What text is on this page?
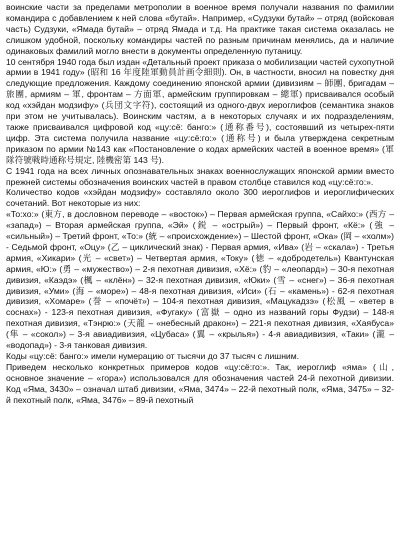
воинские части за пределами метрополии в военное время получали названия по фамилии командира с добавлением к ней слова «бутай». Например, «Судзуки бутай» – отряд (войсковая часть) Судзуки, «Ямада бутай» – отряд Ямада и т.д. На практике такая система оказалась не слишком удобной, поскольку командиры частей по разным причинам менялись, да и наличие одинаковых фамилий могло внести в документы определенную путаницу.

10 сентября 1940 года был издан «Детальный проект приказа о мобилизации частей сухопутной армии в 1941 году» (昭和 16 年度陸軍動員計画令細則). Он, в частности, вносил на повестку дня следующие предложения. Каждому соединению японской армии (дивизиям – 師團, бригадам – 旅團, армиям – 軍, фронтам – 方面軍, армейским группировкам – 總軍) присваивался особый код «хэйдан модзифу» (兵団文字符), состоящий из одного-двух иероглифов (семантика знаков при этом не учитывалась). Воинским частям, а в некоторых случаях и их подразделениям, также присваивался цифровой код «цу:сё: банго:» (通称番号), состоявший из четырех-пяти цифр. Эта система получила название «цу:сё:го:» (通称号) и была утверждена секретным приказом по армии №143 как «Постановление о кодах армейских частей в военное время» (軍隊符號戦時通称号規定, 陸機密第 143 号).

С 1941 года на всех личных опознавательных знаках военнослужащих японской армии вместо прежней системы обозначения воинских частей в правом столбце ставился код «цу:сё:го:».

Количество кодов «хэйдан модзифу» составляло около 300 иероглифов и иероглифических сочетаний. Вот некоторые из них:

«То:хо:» (東方, в дословном переводе – «восток») – Первая армейская группа, «Сайхо:» (西方 – «запад») – Вторая армейская группа, «Эй» (鋭 – «острый») – Первый фронт, «Кё:» (強 – «сильный») – Третий фронт, «То:» (統 – «происхождение») – Шестой фронт, «Ока» (岡 – «холм») - Седьмой фронт, «Оцу» (乙 – циклический знак) - Первая армия, «Ива» (岩 – «скала») - Третья армия, «Хикари» (光 – «свет») – Четвертая армия, «Току» (徳 – «добродетель») Квантунская армия, «Ю:» (勇 – «мужество») – 2-я пехотная дивизия, «Хё:» (豹 – «леопард») – 30-я пехотная дивизия, «Каэдэ» (楓 – «клён») – 32-я пехотная дивизия, «Юки» (雪 – «снег») – 36-я пехотная дивизия, «Уми» (海 – «море») – 48-я пехотная дивизия, «Иси» (石 – «камень») - 62-я пехотная дивизия, «Хомаре» (誉 – «почёт») – 104-я пехотная дивизия, «Мацукадзэ» (松風 – «ветер в соснах») - 123-я пехотная дивизия, «Фугаку» (富嶽 – одно из названий горы Фудзи) – 148-я пехотная дивизия, «Тэнрю:» (天龍 – «небесный дракон») – 221-я пехотная дивизия, «Хаябуса» (隼 – «сокол») – 3-я авиадивизия, «Цубаса» (翼 – «крылья») - 4-я авиадивизия, «Таки» (瀧 – «водопад») - 3-я танковая дивизия.

Коды «цу:сё: банго:» имели нумерацию от тысячи до 37 тысяч с лишним.

Приведем несколько конкретных примеров кодов «цу:сё:го:». Так, иероглиф «яма» (山, основное значение – «гора») использовался для обозначения частей 24-й пехотной дивизии. Код «Яма, 3430» – означал штаб дивизии, «Яма, 3474» – 22-й пехотный полк, «Яма, 3475» – 32-й пехотный полк, «Яма, 3476» – 89-й пехотный
